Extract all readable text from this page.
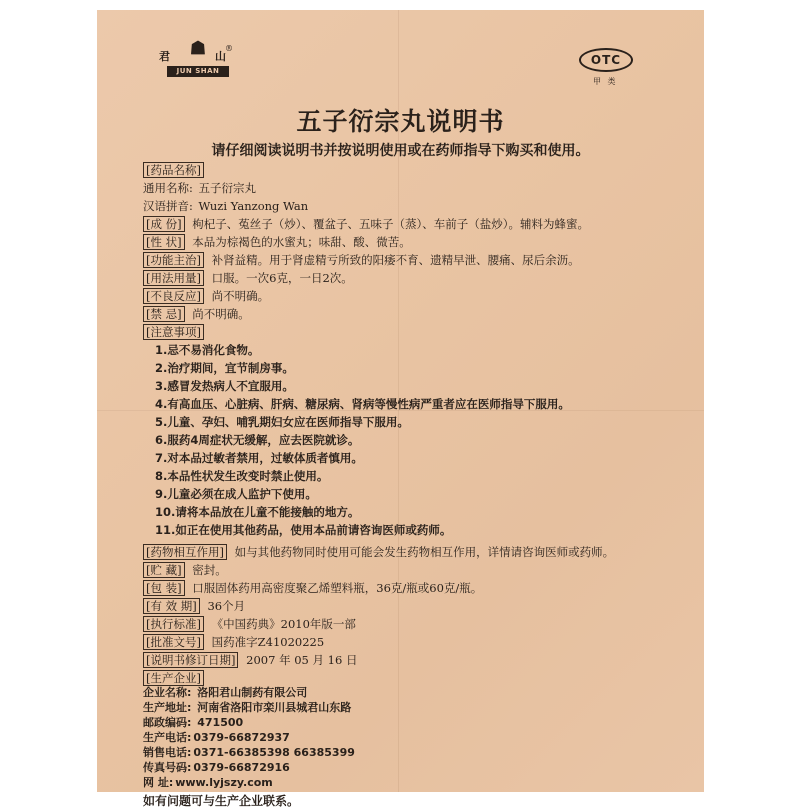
君 ☗ 山
JUN SHAN
®
OTC
甲 类
五子衍宗丸说明书
请仔细阅读说明书并按说明使用或在药师指导下购买和使用。
[药品名称]
通用名称: 五子衍宗丸
汉语拼音: Wuzi Yanzong Wan
[成 份] 枸杞子、菟丝子（炒）、覆盆子、五味子（蒸）、车前子（盐炒）。辅料为蜂蜜。
[性 状] 本品为棕褐色的水蜜丸；味甜、酸、微苦。
[功能主治] 补肾益精。用于肾虚精亏所致的阳痿不育、遗精早泄、腰痛、尿后余沥。
[用法用量] 口服。一次6克，一日2次。
[不良反应] 尚不明确。
[禁 忌] 尚不明确。
[注意事项]
1.忌不易消化食物。
2.治疗期间，宜节制房事。
3.感冒发热病人不宜服用。
4.有高血压、心脏病、肝病、糖尿病、肾病等慢性病严重者应在医师指导下服用。
5.儿童、孕妇、哺乳期妇女应在医师指导下服用。
6.服药4周症状无缓解，应去医院就诊。
7.对本品过敏者禁用，过敏体质者慎用。
8.本品性状发生改变时禁止使用。
9.儿童必须在成人监护下使用。
10.请将本品放在儿童不能接触的地方。
11.如正在使用其他药品，使用本品前请咨询医师或药师。
[药物相互作用] 如与其他药物同时使用可能会发生药物相互作用，详情请咨询医师或药师。
[贮 藏] 密封。
[包 装] 口服固体药用高密度聚乙烯塑料瓶，36克/瓶或60克/瓶。
[有 效 期] 36个月
[执行标准] 《中国药典》2010年版一部
[批准文号] 国药准字Z41020225
[说明书修订日期] 2007 年 05 月 16 日
[生产企业]
企业名称: 洛阳君山制药有限公司
生产地址: 河南省洛阳市栾川县城君山东路
邮政编码: 471500
生产电话: 0379-66872937
销售电话: 0371-66385398 66385399
传真号码: 0379-66872916
网 址: www.lyjszy.com
如有问题可与生产企业联系。
